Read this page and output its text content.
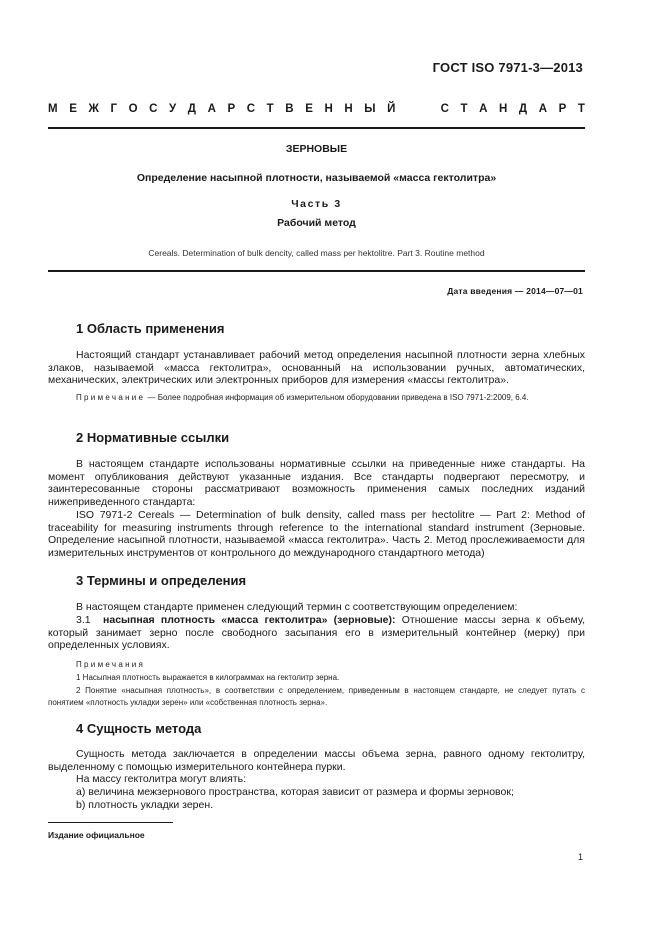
ГОСТ ISO 7971-3—2013
М Е Ж Г О С У Д А Р С Т В Е Н Н Ы Й	С Т А Н Д А Р Т
ЗЕРНОВЫЕ
Определение насыпной плотности, называемой «масса гектолитра»
Часть 3
Рабочий метод
Cereals. Determination of bulk dencity, called mass per hektolitre. Part 3. Routine method
Дата введения — 2014—07—01
1 Область применения
Настоящий стандарт устанавливает рабочий метод определения насыпной плотности зерна хлебных злаков, называемой «масса гектолитра», основанный на использовании ручных, автоматических, механических, электрических или электронных приборов для измерения «массы гектолитра».
Примечание — Более подробная информация об измерительном оборудовании приведена в ISO 7971-2:2009, 6.4.
2 Нормативные ссылки
В настоящем стандарте использованы нормативные ссылки на приведенные ниже стандарты. На момент опубликования действуют указанные издания. Все стандарты подвергают пересмотру, и заинтересованные стороны рассматривают возможность применения самых последних изданий нижеприведенного стандарта:
ISO 7971-2 Cereals — Determination of bulk density, called mass per hectolitre — Part 2: Method of traceability for measuring instruments through reference to the international standard instrument (Зерновые. Определение насыпной плотности, называемой «масса гектолитра». Часть 2. Метод прослеживаемости для измерительных инструментов от контрольного до международного стандартного метода)
3 Термины и определения
В настоящем стандарте применен следующий термин с соответствующим определением:
3.1 насыпная плотность «масса гектолитра» (зерновые): Отношение массы зерна к объему, который занимает зерно после свободного засыпания его в измерительный контейнер (мерку) при определенных условиях.
Примечания
1 Насыпная плотность выражается в килограммах на гектолитр зерна.
2 Понятие «насыпная плотность», в соответствии с определением, приведенным в настоящем стандарте, не следует путать с понятием «плотность укладки зерен» или «собственная плотность зерна».
4 Сущность метода
Сущность метода заключается в определении массы объема зерна, равного одному гектолитру, выделенному с помощью измерительного контейнера пурки.
На массу гектолитра могут влиять:
а) величина межзернового пространства, которая зависит от размера и формы зерновок;
b) плотность укладки зерен.
Издание официальное
1
